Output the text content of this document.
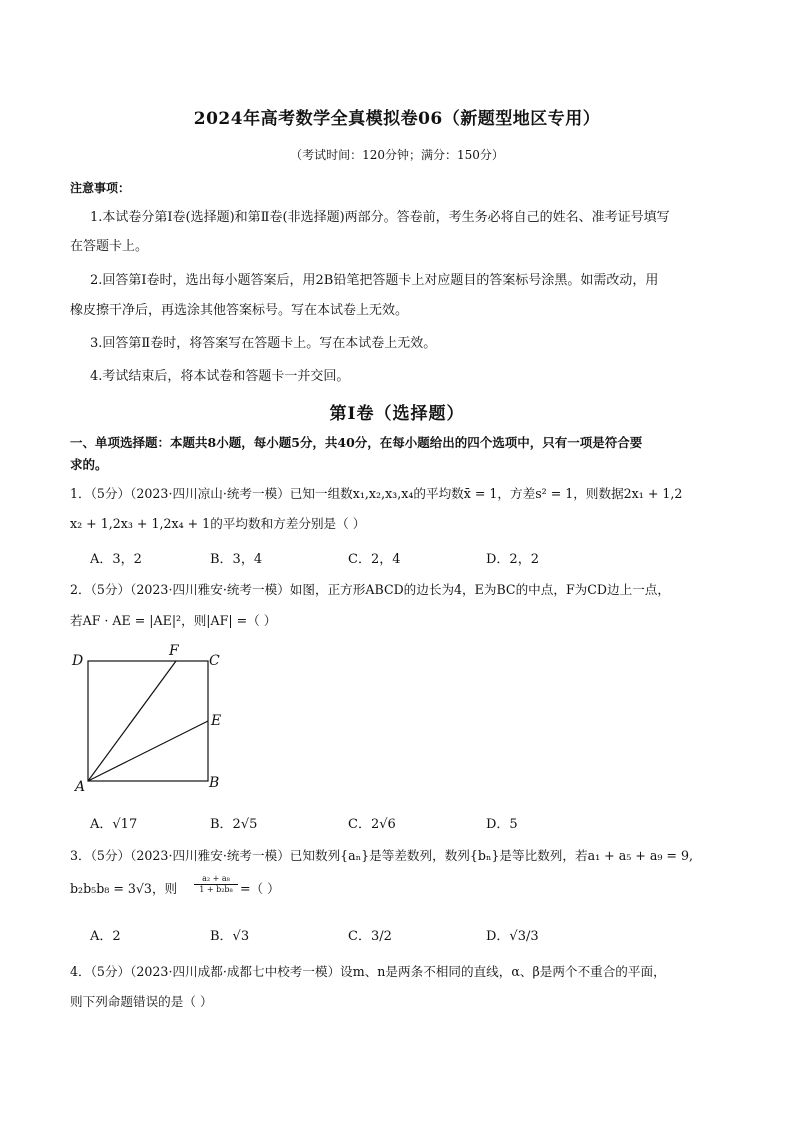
2024年高考数学全真模拟卷06（新题型地区专用）
（考试时间：120分钟；满分：150分）
注意事项：
1.本试卷分第Ⅰ卷(选择题)和第Ⅱ卷(非选择题)两部分。答卷前，考生务必将自己的姓名、准考证号填写
在答题卡上。
2.回答第Ⅰ卷时，选出每小题答案后，用2B铅笔把答题卡上对应题目的答案标号涂黑。如需改动，用
橡皮擦干净后，再选涂其他答案标号。写在本试卷上无效。
3.回答第Ⅱ卷时，将答案写在答题卡上。写在本试卷上无效。
4.考试结束后，将本试卷和答题卡一并交回。
第Ⅰ卷（选择题）
一、单项选择题：本题共8小题，每小题5分，共40分，在每小题给出的四个选项中，只有一项是符合要
求的。
1．（5分）（2023·四川凉山·统考一模）已知一组数x₁,x₂,x₃,x₄的平均数x̄ = 1，方差s² = 1，则数据2x₁ + 1,2
x₂ + 1,2x₃ + 1,2x₄ + 1的平均数和方差分别是（ ）
A．3，2	B．3，4	C．2，4	D．2，2
2．（5分）（2023·四川雅安·统考一模）如图，正方形ABCD的边长为4，E为BC的中点，F为CD边上一点，
若AF · AE = |AE|²，则|AF| =（ ）
D
F
C
E
B
A
A．√17	B．2√5	C．2√6	D．5
3．（5分）（2023·四川雅安·统考一模）已知数列{aₙ}是等差数列，数列{bₙ}是等比数列，若a₁ + a₅ + a₉ = 9,
b₂b₅b₈ = 3√3，则 $\frac{\text{a₂ + a₈}}{\text{1 + b₂b₈}}$ =（ ）
A．2	B．√3	C．3/2	D．√3/3
4．（5分）（2023·四川成都·成都七中校考一模）设m、n是两条不相同的直线，α、β是两个不重合的平面，
则下列命题错误的是（ ）
